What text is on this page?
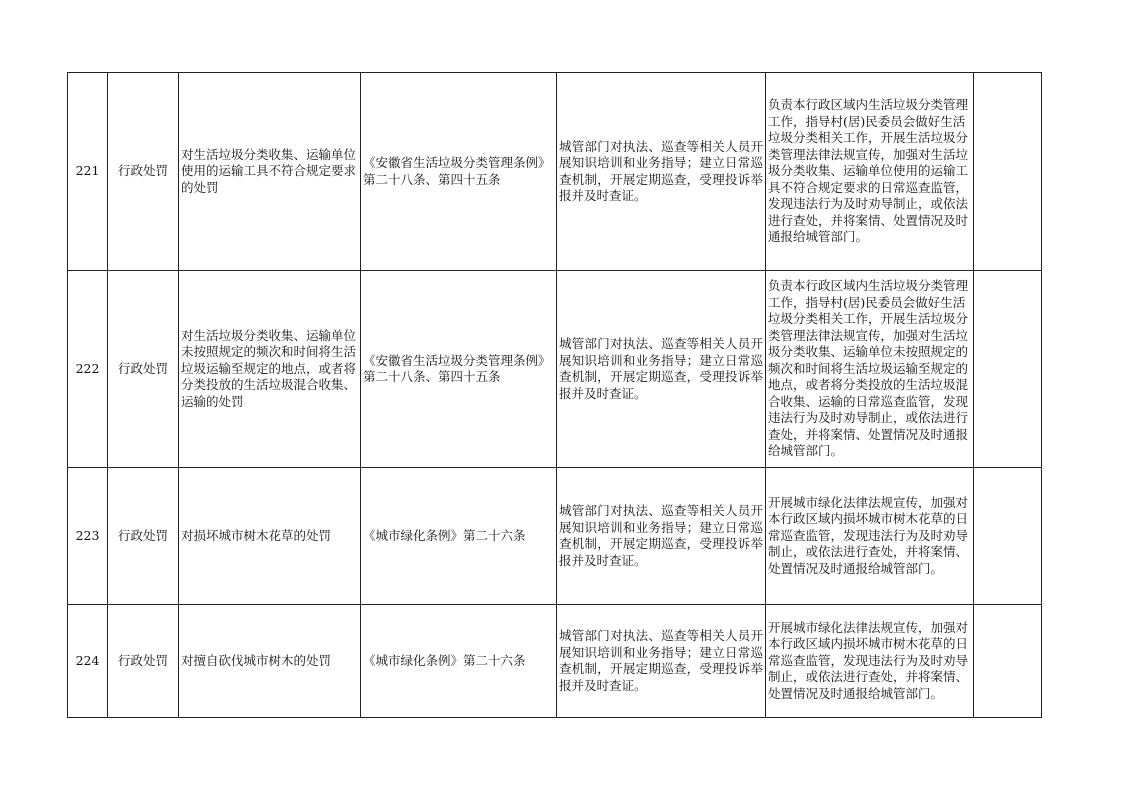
221	行政处罚	对生活垃圾分类收集、运输单位使用的运输工具不符合规定要求的处罚	《安徽省生活垃圾分类管理条例》第二十八条、第四十五条	城管部门对执法、巡查等相关人员开展知识培训和业务指导；建立日常巡查机制，开展定期巡查，受理投诉举报并及时查证。	负责本行政区域内生活垃圾分类管理工作，指导村(居)民委员会做好生活垃圾分类相关工作，开展生活垃圾分类管理法律法规宣传，加强对生活垃圾分类收集、运输单位使用的运输工具不符合规定要求的日常巡查监管，发现违法行为及时劝导制止，或依法进行查处，并将案情、处置情况及时通报给城管部门。	
222	行政处罚	对生活垃圾分类收集、运输单位未按照规定的频次和时间将生活垃圾运输至规定的地点，或者将分类投放的生活垃圾混合收集、运输的处罚	《安徽省生活垃圾分类管理条例》第二十八条、第四十五条	城管部门对执法、巡查等相关人员开展知识培训和业务指导；建立日常巡查机制，开展定期巡查，受理投诉举报并及时查证。	负责本行政区域内生活垃圾分类管理工作，指导村(居)民委员会做好生活垃圾分类相关工作，开展生活垃圾分类管理法律法规宣传，加强对生活垃圾分类收集、运输单位未按照规定的频次和时间将生活垃圾运输至规定的地点，或者将分类投放的生活垃圾混合收集、运输的日常巡查监管，发现违法行为及时劝导制止，或依法进行查处，并将案情、处置情况及时通报给城管部门。	
223	行政处罚	对损坏城市树木花草的处罚	《城市绿化条例》第二十六条	城管部门对执法、巡查等相关人员开展知识培训和业务指导；建立日常巡查机制，开展定期巡查，受理投诉举报并及时查证。	开展城市绿化法律法规宣传，加强对本行政区域内损坏城市树木花草的日常巡查监管，发现违法行为及时劝导制止，或依法进行查处，并将案情、处置情况及时通报给城管部门。	
224	行政处罚	对擅自砍伐城市树木的处罚	《城市绿化条例》第二十六条	城管部门对执法、巡查等相关人员开展知识培训和业务指导；建立日常巡查机制，开展定期巡查，受理投诉举报并及时查证。	开展城市绿化法律法规宣传，加强对本行政区域内损坏城市树木花草的日常巡查监管，发现违法行为及时劝导制止，或依法进行查处，并将案情、处置情况及时通报给城管部门。	
